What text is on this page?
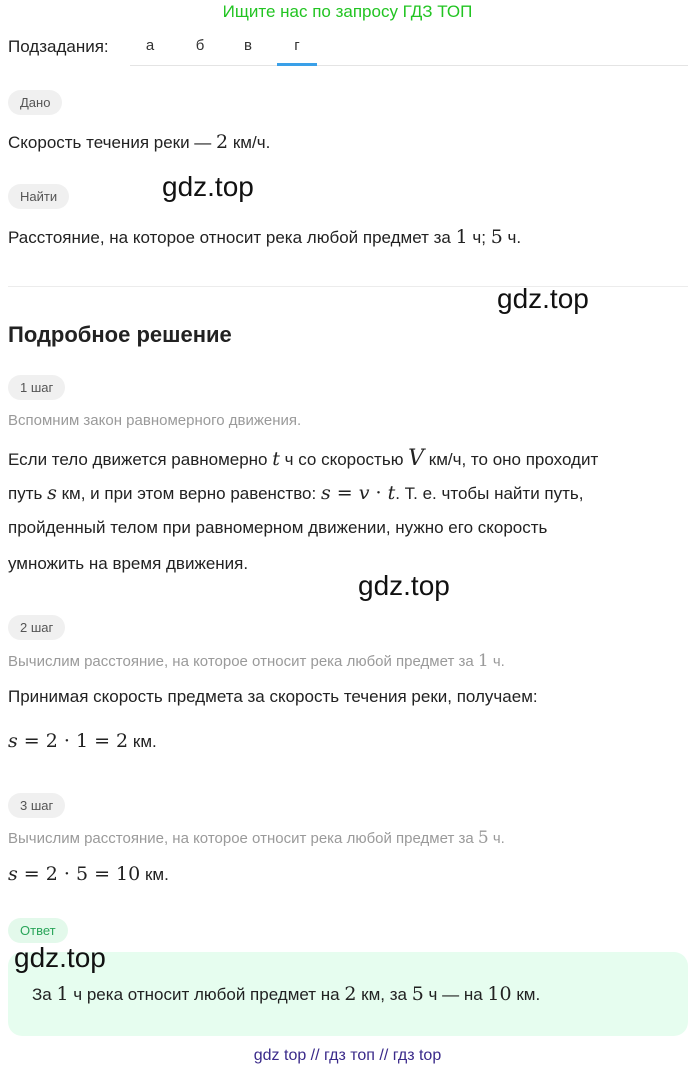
Ищите нас по запросу ГДЗ ТОП
Подзадания:	а	б	в	г
Дано
Скорость течения реки — 2 км/ч.
Найти
Расстояние, на которое относит река любой предмет за 1 ч; 5 ч.
Подробное решение
1 шаг
Вспомним закон равномерного движения.
Если тело движется равномерно t ч со скоростью V км/ч, то оно проходит
путь s км, и при этом верно равенство: s = v · t. Т. е. чтобы найти путь,
пройденный телом при равномерном движении, нужно его скорость
умножить на время движения.
2 шаг
Вычислим расстояние, на которое относит река любой предмет за 1 ч.
Принимая скорость предмета за скорость течения реки, получаем:
s = 2 · 1 = 2 км.
3 шаг
Вычислим расстояние, на которое относит река любой предмет за 5 ч.
s = 2 · 5 = 10 км.
Ответ
За 1 ч река относит любой предмет на 2 км, за 5 ч — на 10 км.
gdz.top
gdz.top
gdz.top
gdz.top
gdz top // гдз топ // гдз top
